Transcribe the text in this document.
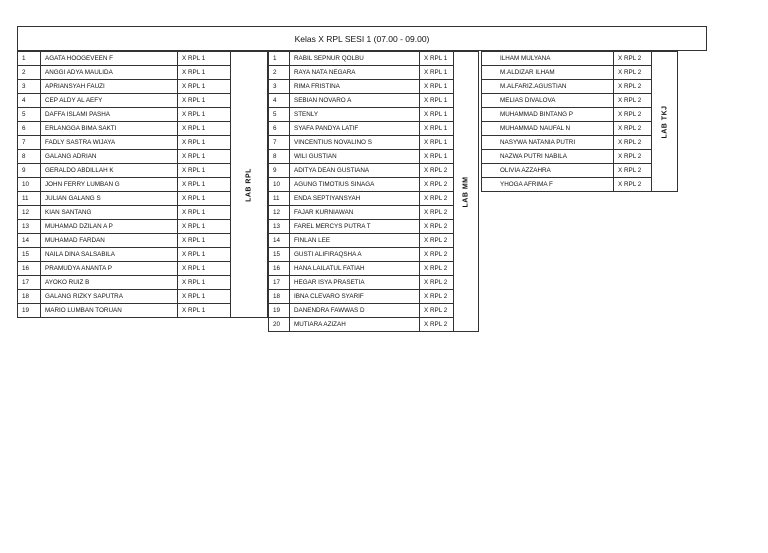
Kelas X RPL SESI 1 (07.00 - 09.00)
1	AGATA HOOGEVEEN F	X RPL 1	LAB RPL

2	ANGGI ADYA MAULIDA	X RPL 1	
3	APRIANSYAH FAUZI	X RPL 1	
4	CEP ALDY AL AEFY	X RPL 1	
5	DAFFA ISLAMI PASHA	X RPL 1	
6	ERLANGGA BIMA SAKTI	X RPL 1	
7	FADLY SASTRA WIJAYA	X RPL 1	
8	GALANG ADRIAN	X RPL 1	
9	GERALDO ABDILLAH K	X RPL 1	
10	JOHN FERRY LUMBAN G	X RPL 1	
11	JULIAN GALANG S	X RPL 1	
12	KIAN SANTANG	X RPL 1	
13	MUHAMAD DZILAN A P	X RPL 1	
14	MUHAMAD FARDAN	X RPL 1	
15	NAILA DINA SALSABILA	X RPL 1	
16	PRAMUDYA ANANTA P	X RPL 1	
17	AYOKO RUIZ B	X RPL 1	
18	GALANG RIZKY SAPUTRA	X RPL 1	
19	MARIO LUMBAN TORUAN	X RPL 1	
1	RABIL SEPNUR QOLBU	X RPL 1	LAB MM

2	RAYA NATA NEGARA	X RPL 1	
3	RIMA FRISTINA	X RPL 1	
4	SEBIAN NOVARO A	X RPL 1	
5	STENLY	X RPL 1	
6	SYAFA PANDYA LATIF	X RPL 1	
7	VINCENTIUS NOVALINO S	X RPL 1	
8	WILI GUSTIAN	X RPL 1	
9	ADITYA DEAN GUSTIANA	X RPL 2	
10	AGUNG TIMOTIUS SINAGA	X RPL 2	
11	ENDA SEPTIYANSYAH	X RPL 2	
12	FAJAR KURNIAWAN	X RPL 2	
13	FAREL MERCYS PUTRA T	X RPL 2	
14	FINLAN LEE	X RPL 2	
15	GUSTI ALIFIRAQSHA A	X RPL 2	
16	HANA LAILATUL FATIAH	X RPL 2	
17	HEGAR ISYA PRASETIA	X RPL 2	
18	IBNA CLEVARO SYARIF	X RPL 2	
19	DANENDRA FAWWAS D	X RPL 2	
20	MUTIARA AZIZAH	X RPL 2	
ILHAM MULYANA	X RPL 2	LAB TKJ

M.ALDIZAR ILHAM	X RPL 2	
M.ALFARIZ.AGUSTIAN	X RPL 2	
MELIAS DIVALOVA	X RPL 2	
MUHAMMAD BINTANG P	X RPL 2	
MUHAMMAD NAUFAL N	X RPL 2	
NASYWA NATANIA PUTRI	X RPL 2	
NAZWA PUTRI NABILA	X RPL 2	
OLIVIA AZZAHRA	X RPL 2	
YHOGA AFRIMA F	X RPL 2	
